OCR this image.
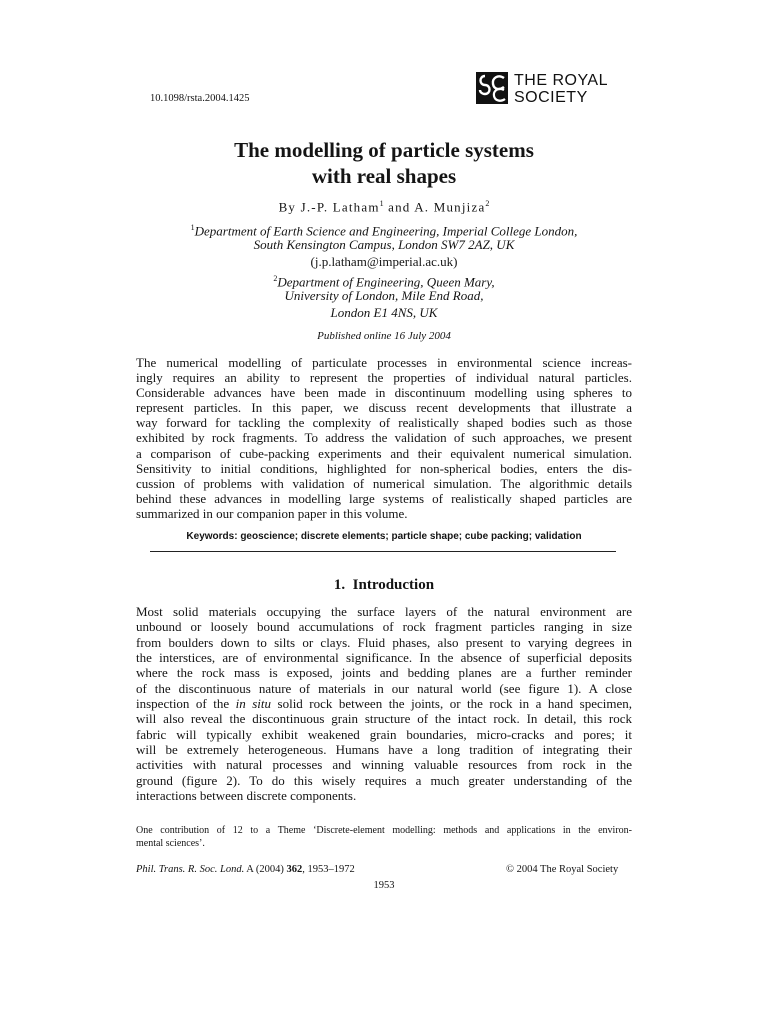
10.1098/rsta.2004.1425
THE ROYAL
SOCIETY
The modelling of particle systems
with real shapes
By J.-P. Latham$^1$ and A. Munjiza$^2$
$^1$Department of Earth Science and Engineering, Imperial College London,
South Kensington Campus, London SW7 2AZ, UK
(j.p.latham@imperial.ac.uk)
$^2$Department of Engineering, Queen Mary,
University of London, Mile End Road,
London E1 4NS, UK
Published online 16 July 2004
The numerical modelling of particulate processes in environmental science increas-
ingly requires an ability to represent the properties of individual natural particles.
Considerable advances have been made in discontinuum modelling using spheres to
represent particles. In this paper, we discuss recent developments that illustrate a
way forward for tackling the complexity of realistically shaped bodies such as those
exhibited by rock fragments. To address the validation of such approaches, we present
a comparison of cube-packing experiments and their equivalent numerical simulation.
Sensitivity to initial conditions, highlighted for non-spherical bodies, enters the dis-
cussion of problems with validation of numerical simulation. The algorithmic details
behind these advances in modelling large systems of realistically shaped particles are
summarized in our companion paper in this volume.
Keywords: geoscience; discrete elements; particle shape; cube packing; validation
1. Introduction
Most solid materials occupying the surface layers of the natural environment are
unbound or loosely bound accumulations of rock fragment particles ranging in size
from boulders down to silts or clays. Fluid phases, also present to varying degrees in
the interstices, are of environmental significance. In the absence of superficial deposits
where the rock mass is exposed, joints and bedding planes are a further reminder
of the discontinuous nature of materials in our natural world (see figure 1). A close
inspection of the in situ solid rock between the joints, or the rock in a hand specimen,
will also reveal the discontinuous grain structure of the intact rock. In detail, this rock
fabric will typically exhibit weakened grain boundaries, micro-cracks and pores; it
will be extremely heterogeneous. Humans have a long tradition of integrating their
activities with natural processes and winning valuable resources from rock in the
ground (figure 2). To do this wisely requires a much greater understanding of the
interactions between discrete components.
One contribution of 12 to a Theme ‘Discrete-element modelling: methods and applications in the environ-
mental sciences’.
Phil. Trans. R. Soc. Lond. A (2004) 362, 1953–1972	© 2004 The Royal Society
1953
